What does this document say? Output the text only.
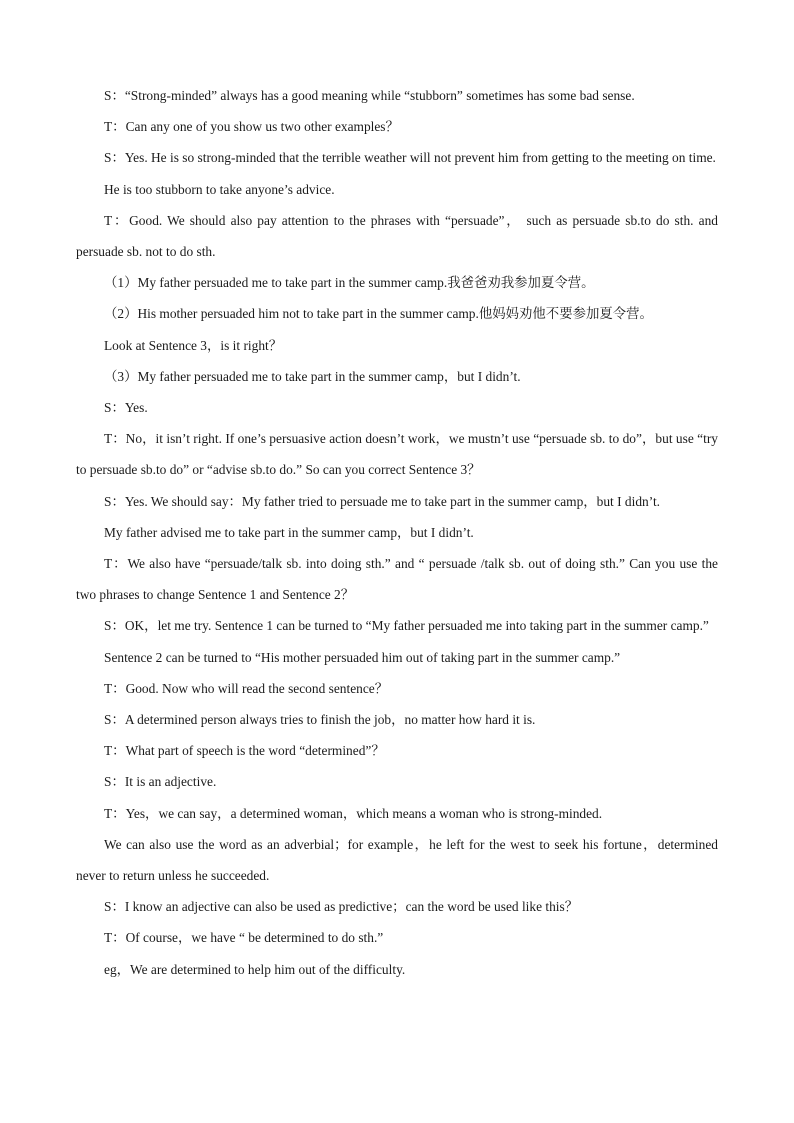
S：“Strong-minded” always has a good meaning while “stubborn” sometimes has some bad sense.

T：Can any one of you show us two other examples？

S：Yes. He is so strong-minded that the terrible weather will not prevent him from getting to the meeting on time.

He is too stubborn to take anyone’s advice.

T：Good. We should also pay attention to the phrases with “persuade”， such as persuade sb.to do sth. and persuade sb. not to do sth.

（1）My father persuaded me to take part in the summer camp.我爸爸劝我参加夏令营。

（2）His mother persuaded him not to take part in the summer camp.他妈妈劝他不要参加夏令营。

Look at Sentence 3，is it right？

（3）My father persuaded me to take part in the summer camp，but I didn’t.

S：Yes.

T：No，it isn’t right. If one’s persuasive action doesn’t work，we mustn’t use “persuade sb. to do”，but use “try to persuade sb.to do” or “advise sb.to do.” So can you correct Sentence 3？

S：Yes. We should say：My father tried to persuade me to take part in the summer camp，but I didn’t.

My father advised me to take part in the summer camp，but I didn’t.

T：We also have “persuade/talk sb. into doing sth.” and “ persuade /talk sb. out of doing sth.” Can you use the two phrases to change Sentence 1 and Sentence 2？

S：OK，let me try. Sentence 1 can be turned to “My father persuaded me into taking part in the summer camp.”

Sentence 2 can be turned to “His mother persuaded him out of taking part in the summer camp.”

T：Good. Now who will read the second sentence？

S：A determined person always tries to finish the job，no matter how hard it is.

T：What part of speech is the word “determined”？

S：It is an adjective.

T：Yes，we can say，a determined woman，which means a woman who is strong-minded.

We can also use the word as an adverbial；for example，he left for the west to seek his fortune，determined never to return unless he succeeded.

S：I know an adjective can also be used as predictive；can the word be used like this？

T：Of course，we have “ be determined to do sth.”

eg，We are determined to help him out of the difficulty.
